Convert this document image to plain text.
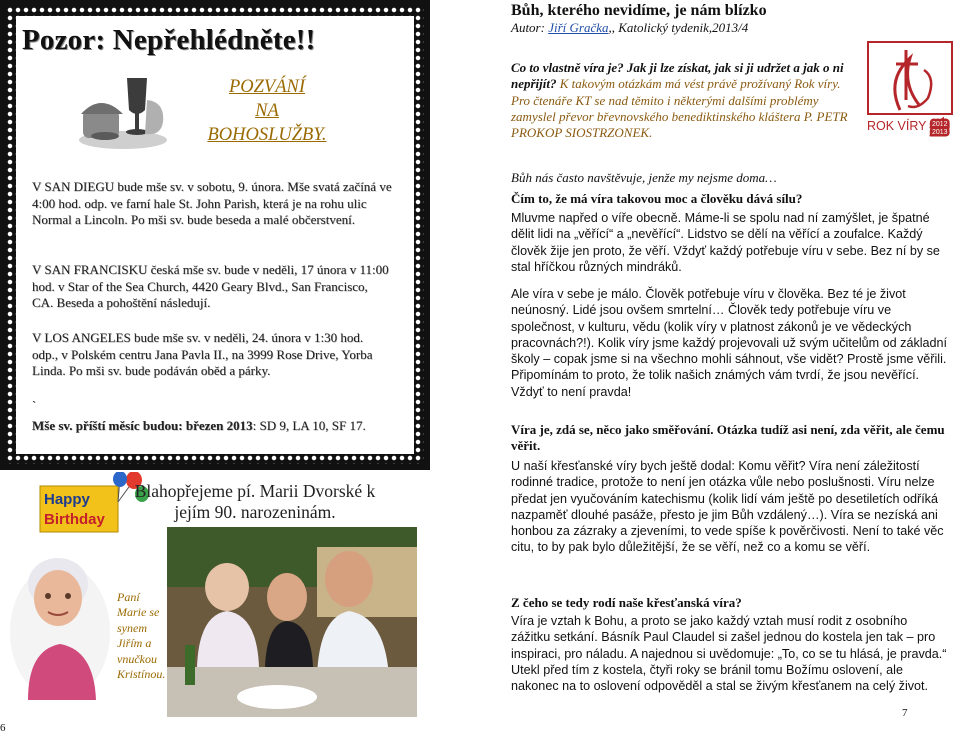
Pozor: Nepřehlédněte!!
POZVÁNÍ
NA
BOHOSLUŽBY.
V SAN DIEGU bude mše sv. v sobotu, 9. února. Mše svatá začíná ve 4:00 hod. odp. ve farní hale St. John Parish, která je na rohu ulic Normal a Lincoln. Po mši sv. bude beseda a malé občerstvení.
V SAN FRANCISKU česká mše sv. bude v neděli, 17 února v 11:00 hod. v Star of the Sea Church, 4420 Geary Blvd., San Francisco, CA. Beseda a pohoštění následují.
V LOS ANGELES bude mše sv. v neděli, 24. února v 1:30 hod. odp., v Polském centru Jana Pavla II., na 3999 Rose Drive, Yorba Linda. Po mši sv. bude podáván oběd a párky.
`
Mše sv. příští měsíc budou: březen 2013: SD 9, LA 10, SF 17.
Happy
Birthday
Blahopřejeme pí. Marii Dvorské k jejím 90. narozeninám.
Paní Marie se synem Jiřím a vnučkou Kristínou.
6
Bůh, kterého nevidíme, je nám blízko
Autor: Jiří Gračka,, Katolický tydenik,2013/4
ROK VÍRY 2012
2013
Co to vlastně víra je? Jak ji lze získat, jak si ji udržet a jak o ni nepřijít? K takovým otázkám má vést právě prožívaný Rok víry. Pro čtenáře KT se nad těmito i některými dalšími problémy zamyslel převor břevnovského benediktinského kláštera P. PETR PROKOP SIOSTRZONEK.
Bůh nás často navštěvuje, jenže my nejsme doma…
Čím to, že má víra takovou moc a člověku dává sílu?
Mluvme napřed o víře obecně. Máme-li se spolu nad ní zamýšlet, je špatné dělit lidi na „věřící“ a „nevěřící“. Lidstvo se dělí na věřící a zoufalce. Každý člověk žije jen proto, že věří. Vždyť každý potřebuje víru v sebe. Bez ní by se stal hříčkou různých mindráků.
Ale víra v sebe je málo. Člověk potřebuje víru v člověka. Bez té je život neúnosný. Lidé jsou ovšem smrtelní… Člověk tedy potřebuje víru ve společnost, v kulturu, vědu (kolik víry v platnost zákonů je ve vědeckých pracovnách?!). Kolik víry jsme každý projevovali už svým učitelům od základní školy – copak jsme si na všechno mohli sáhnout, vše vidět? Prostě jsme věřili. Připomínám to proto, že tolik našich známých vám tvrdí, že jsou nevěřící. Vždyť to není pravda!
Víra je, zdá se, něco jako směřování. Otázka tudíž asi není, zda věřit, ale čemu věřit.
U naší křesťanské víry bych ještě dodal: Komu věřit? Víra není záležitostí rodinné tradice, protože to není jen otázka vůle nebo poslušnosti. Víru nelze předat jen vyučováním katechismu (kolik lidí vám ještě po desetiletích odříká nazpaměť dlouhé pasáže, přesto je jim Bůh vzdálený…). Víra se nezíská ani honbou za zázraky a zjeveními, to vede spíše k pověrčivosti. Není to také věc citu, to by pak bylo důležitější, že se věří, než co a komu se věří.
Z čeho se tedy rodí naše křesťanská víra?
Víra je vztah k Bohu, a proto se jako každý vztah musí rodit z osobního zážitku setkání. Básník Paul Claudel si zašel jednou do kostela jen tak – pro inspiraci, pro náladu. A najednou si uvědomuje: „To, co se tu hlásá, je pravda.“ Utekl před tím z kostela, čtyři roky se bránil tomu Božímu oslovení, ale nakonec na to oslovení odpověděl a stal se živým křesťanem na celý život.
7
